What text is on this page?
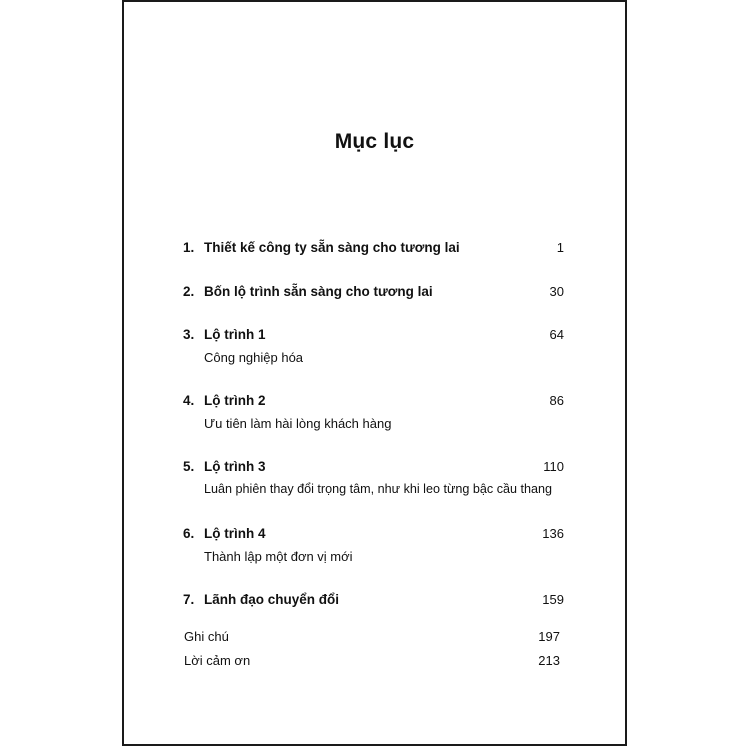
Mục lục
1. Thiết kế công ty sẵn sàng cho tương lai	1
2. Bốn lộ trình sẵn sàng cho tương lai	30
3. Lộ trình 1	64
Công nghiệp hóa
4. Lộ trình 2	86
Ưu tiên làm hài lòng khách hàng
5. Lộ trình 3	110
Luân phiên thay đổi trọng tâm, như khi leo từng bậc cầu thang
6. Lộ trình 4	136
Thành lập một đơn vị mới
7. Lãnh đạo chuyển đổi	159
Ghi chú	197
Lời cảm ơn	213
